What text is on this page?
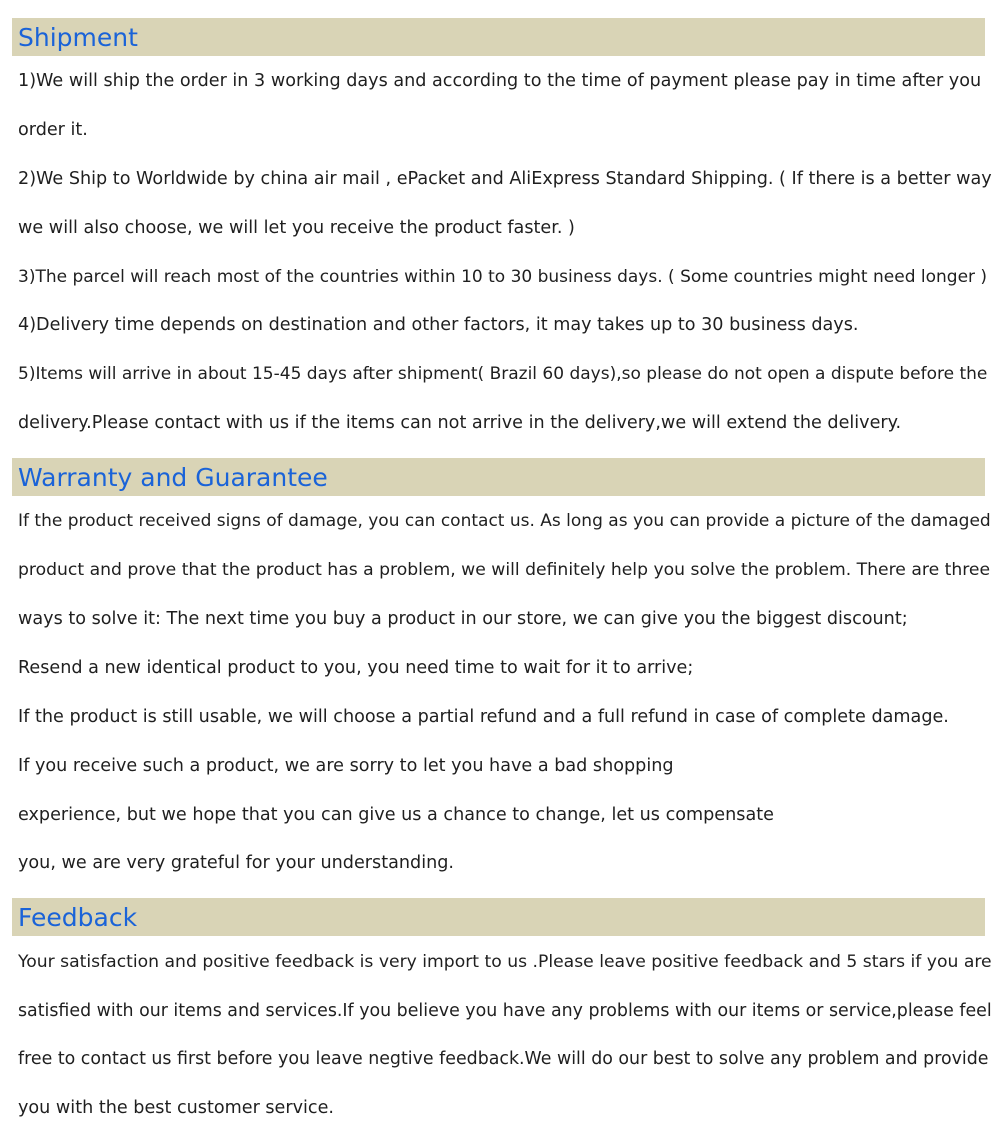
Shipment
1)We will ship the order in 3 working days and according to the time of payment please pay in time after you
order it.
2)We Ship to Worldwide by china air mail , ePacket and AliExpress Standard Shipping. ( If there is a better way
we will also choose, we will let you receive the product faster. )
3)The parcel will reach most of the countries within 10 to 30 business days. ( Some countries might need longer )
4)Delivery time depends on destination and other factors, it may takes up to 30 business days.
5)Items will arrive in about 15-45 days after shipment( Brazil 60 days),so please do not open a dispute before the
delivery.Please contact with us if the items can not arrive in the delivery,we will extend the delivery.
Warranty and Guarantee
If the product received signs of damage, you can contact us. As long as you can provide a picture of the damaged
product and prove that the product has a problem, we will definitely help you solve the problem. There are three
ways to solve it: The next time you buy a product in our store, we can give you the biggest discount;
Resend a new identical product to you, you need time to wait for it to arrive;
If the product is still usable, we will choose a partial refund and a full refund in case of complete damage.
If you receive such a product, we are sorry to let you have a bad shopping
experience, but we hope that you can give us a chance to change, let us compensate
you, we are very grateful for your understanding.
Feedback
Your satisfaction and positive feedback is very import to us .Please leave positive feedback and 5 stars if you are
satisfied with our items and services.If you believe you have any problems with our items or service,please feel
free to contact us first before you leave negtive feedback.We will do our best to solve any problem and provide
you with the best customer service.
